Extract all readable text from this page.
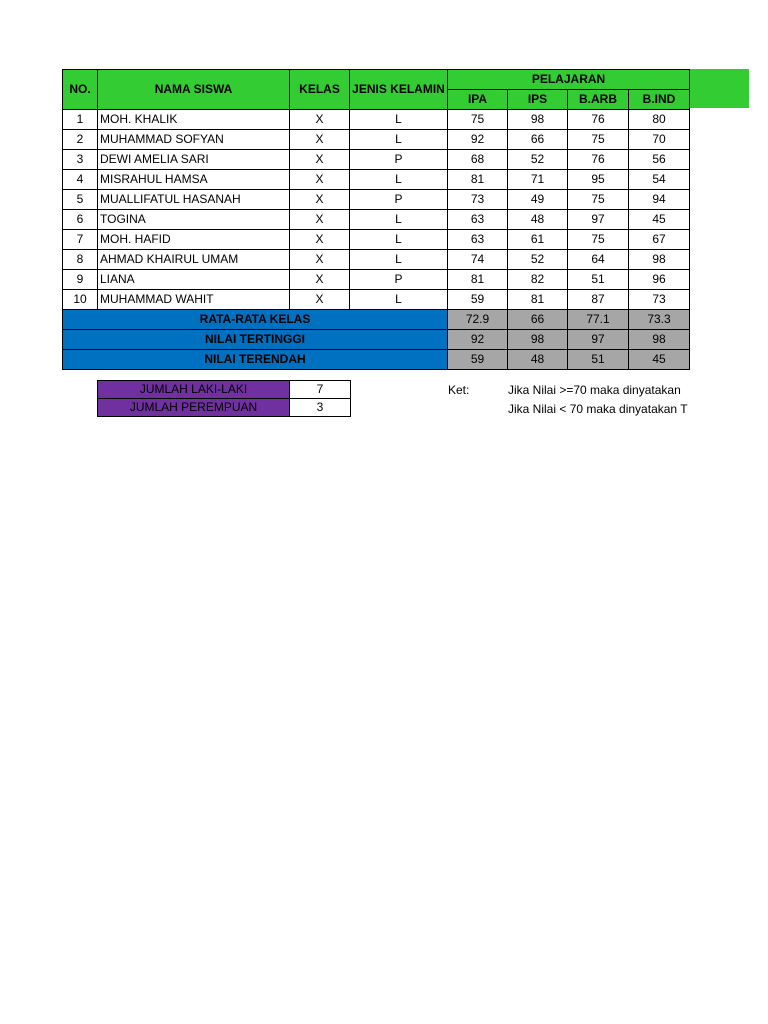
NO.	NAMA SISWA	KELAS	JENIS KELAMIN	PELAJARAN			
				IPA	IPS	B.ARB	B.IND
1	MOH. KHALIK	X	L	75	98	76	80
2	MUHAMMAD SOFYAN	X	L	92	66	75	70
3	DEWI AMELIA SARI	X	P	68	52	76	56
4	MISRAHUL HAMSA	X	L	81	71	95	54
5	MUALLIFATUL HASANAH	X	P	73	49	75	94
6	TOGINA	X	L	63	48	97	45
7	MOH. HAFID	X	L	63	61	75	67
8	AHMAD KHAIRUL UMAM	X	L	74	52	64	98
9	LIANA	X	P	81	82	51	96
10	MUHAMMAD WAHIT	X	L	59	81	87	73
RATA-RATA KELAS				72.9	66	77.1	73.3
NILAI TERTINGGI				92	98	97	98
NILAI TERENDAH				59	48	51	45
JUMLAH LAKI-LAKI	7
JUMLAH PEREMPUAN	3
Ket:	Jika Nilai >=70 maka dinyatakan
Jika Nilai < 70 maka dinyatakan T
